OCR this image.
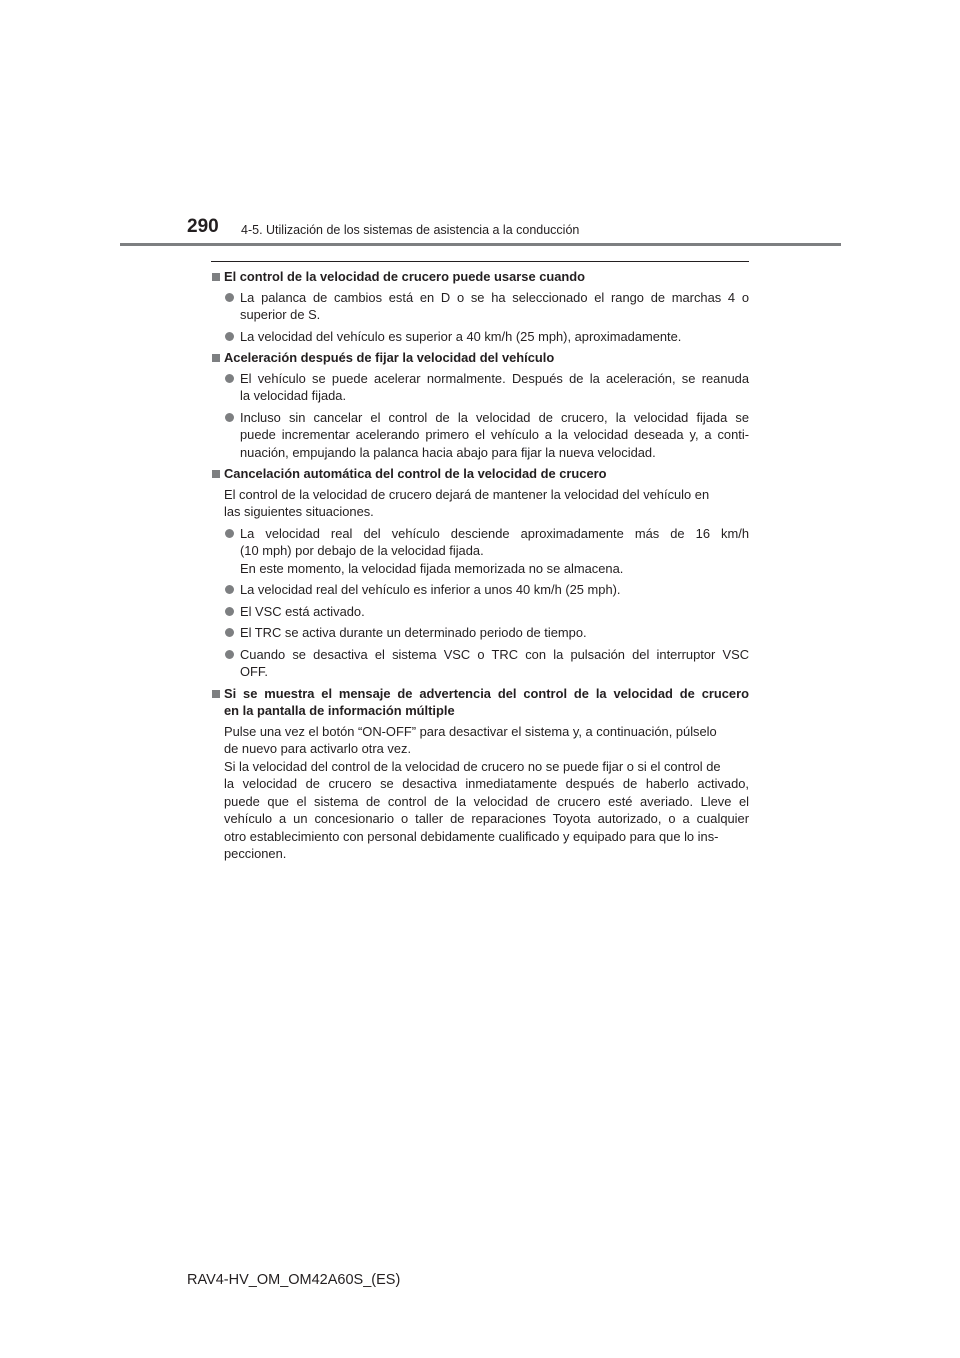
290 4-5. Utilización de los sistemas de asistencia a la conducción
El control de la velocidad de crucero puede usarse cuando
La palanca de cambios está en D o se ha seleccionado el rango de marchas 4 o
superior de S.
La velocidad del vehículo es superior a 40 km/h (25 mph), aproximadamente.
Aceleración después de fijar la velocidad del vehículo
El vehículo se puede acelerar normalmente. Después de la aceleración, se reanuda
la velocidad fijada.
Incluso sin cancelar el control de la velocidad de crucero, la velocidad fijada se
puede incrementar acelerando primero el vehículo a la velocidad deseada y, a conti-
nuación, empujando la palanca hacia abajo para fijar la nueva velocidad.
Cancelación automática del control de la velocidad de crucero
El control de la velocidad de crucero dejará de mantener la velocidad del vehículo en
las siguientes situaciones.
La velocidad real del vehículo desciende aproximadamente más de 16 km/h
(10 mph) por debajo de la velocidad fijada.
En este momento, la velocidad fijada memorizada no se almacena.
La velocidad real del vehículo es inferior a unos 40 km/h (25 mph).
El VSC está activado.
El TRC se activa durante un determinado periodo de tiempo.
Cuando se desactiva el sistema VSC o TRC con la pulsación del interruptor VSC
OFF.
Si se muestra el mensaje de advertencia del control de la velocidad de crucero
en la pantalla de información múltiple
Pulse una vez el botón “ON-OFF” para desactivar el sistema y, a continuación, púlselo
de nuevo para activarlo otra vez.
Si la velocidad del control de la velocidad de crucero no se puede fijar o si el control de
la velocidad de crucero se desactiva inmediatamente después de haberlo activado,
puede que el sistema de control de la velocidad de crucero esté averiado. Lleve el
vehículo a un concesionario o taller de reparaciones Toyota autorizado, o a cualquier
otro establecimiento con personal debidamente cualificado y equipado para que lo ins-
peccionen.
RAV4-HV_OM_OM42A60S_(ES)
